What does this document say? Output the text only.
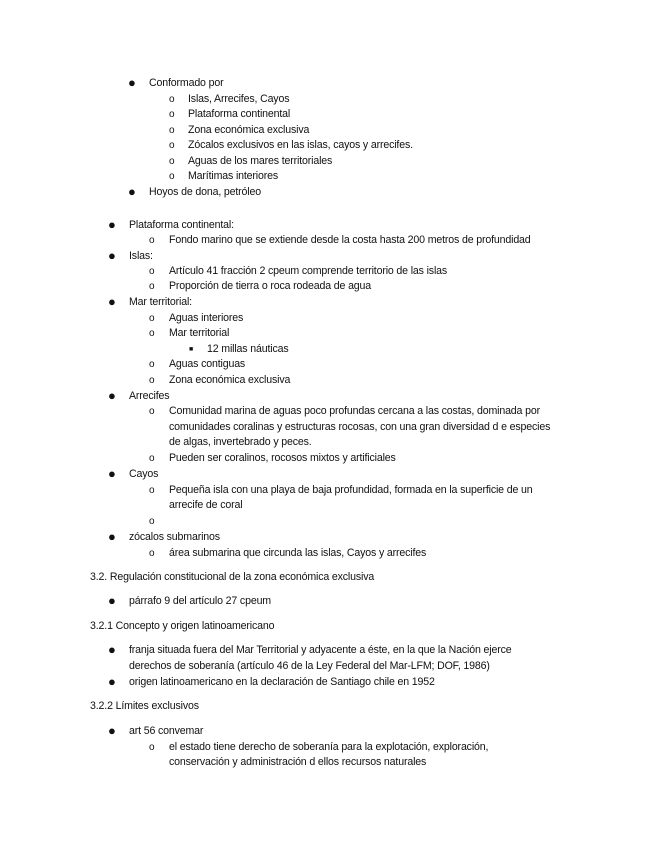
● Conformado por
o Islas, Arrecifes, Cayos
o Plataforma continental
o Zona económica exclusiva
o Zócalos exclusivos en las islas, cayos y arrecifes.
o Aguas de los mares territoriales
o Marítimas interiores
● Hoyos de dona, petróleo
● Plataforma continental:
o Fondo marino que se extiende desde la costa hasta 200 metros de profundidad
● Islas:
o Artículo 41 fracción 2 cpeum comprende territorio de las islas
o Proporción de tierra o roca rodeada de agua
● Mar territorial:
o Aguas interiores
o Mar territorial
■ 12 millas náuticas
o Aguas contiguas
o Zona económica exclusiva
● Arrecifes
o Comunidad marina de aguas poco profundas cercana a las costas, dominada por
comunidades coralinas y estructuras rocosas, con una gran diversidad d e especies
de algas, invertebrado y peces.
o Pueden ser coralinos, rocosos mixtos y artificiales
● Cayos
o Pequeña isla con una playa de baja profundidad, formada en la superficie de un
arrecife de coral
o
● zócalos submarinos
o área submarina que circunda las islas, Cayos y arrecifes
3.2. Regulación constitucional de la zona económica exclusiva
● párrafo 9 del artículo 27 cpeum
3.2.1 Concepto y origen latinoamericano
● franja situada fuera del Mar Territorial y adyacente a éste, en la que la Nación ejerce
derechos de soberanía (artículo 46 de la Ley Federal del Mar-LFM; DOF, 1986)
● origen latinoamericano en la declaración de Santiago chile en 1952
3.2.2 Límites exclusivos
● art 56 convemar
o el estado tiene derecho de soberanía para la explotación, exploración,
conservación y administración d ellos recursos naturales
